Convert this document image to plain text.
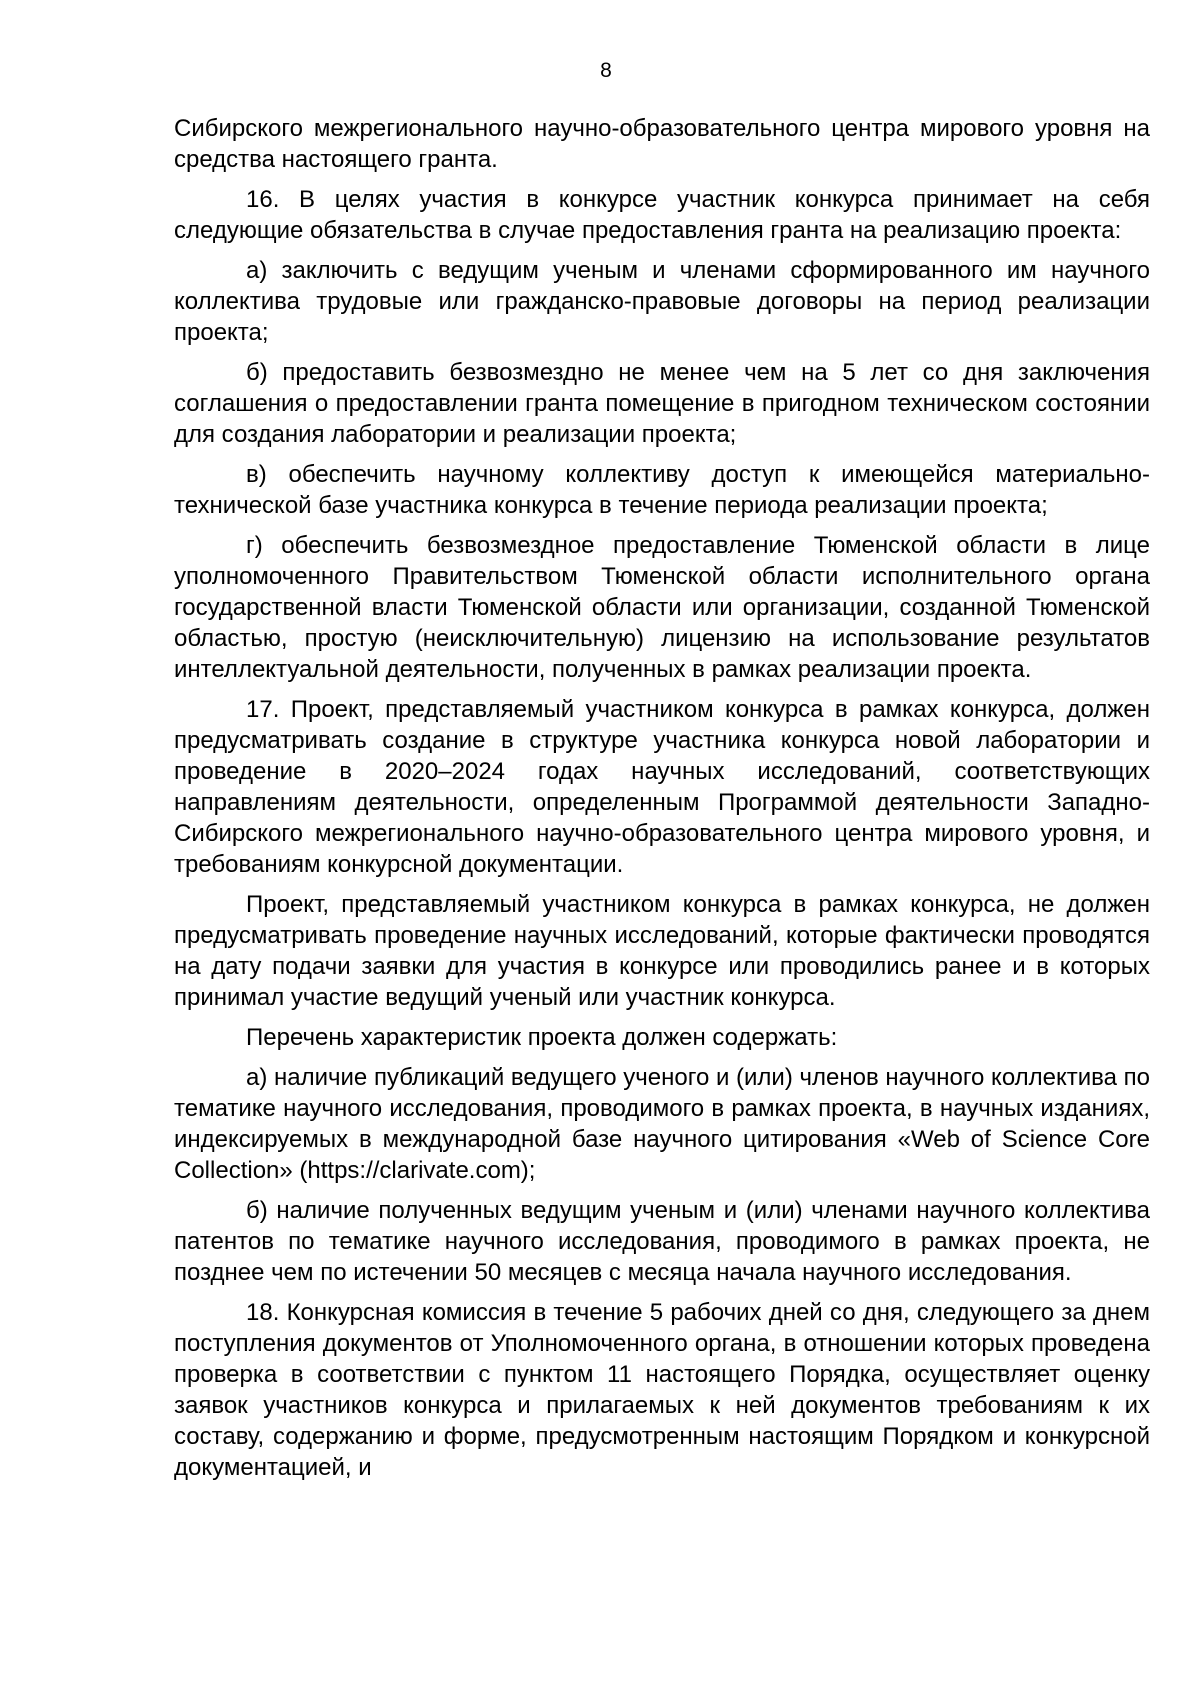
8

Сибирского межрегионального научно-образовательного центра мирового уровня на средства настоящего гранта.

16. В целях участия в конкурсе участник конкурса принимает на себя следующие обязательства в случае предоставления гранта на реализацию проекта:

а) заключить с ведущим ученым и членами сформированного им научного коллектива трудовые или гражданско-правовые договоры на период реализации проекта;

б) предоставить безвозмездно не менее чем на 5 лет со дня заключения соглашения о предоставлении гранта помещение в пригодном техническом состоянии для создания лаборатории и реализации проекта;

в) обеспечить научному коллективу доступ к имеющейся материально-технической базе участника конкурса в течение периода реализации проекта;

г) обеспечить безвозмездное предоставление Тюменской области в лице уполномоченного Правительством Тюменской области исполнительного органа государственной власти Тюменской области или организации, созданной Тюменской областью, простую (неисключительную) лицензию на использование результатов интеллектуальной деятельности, полученных в рамках реализации проекта.

17. Проект, представляемый участником конкурса в рамках конкурса, должен предусматривать создание в структуре участника конкурса новой лаборатории и проведение в 2020–2024 годах научных исследований, соответствующих направлениям деятельности, определенным Программой деятельности Западно-Сибирского межрегионального научно-образовательного центра мирового уровня, и требованиям конкурсной документации.

Проект, представляемый участником конкурса в рамках конкурса, не должен предусматривать проведение научных исследований, которые фактически проводятся на дату подачи заявки для участия в конкурсе или проводились ранее и в которых принимал участие ведущий ученый или участник конкурса.

Перечень характеристик проекта должен содержать:

а) наличие публикаций ведущего ученого и (или) членов научного коллектива по тематике научного исследования, проводимого в рамках проекта, в научных изданиях, индексируемых в международной базе научного цитирования «Web of Science Core Collection» (https://clarivate.com);

б) наличие полученных ведущим ученым и (или) членами научного коллектива патентов по тематике научного исследования, проводимого в рамках проекта, не позднее чем по истечении 50 месяцев с месяца начала научного исследования.

18. Конкурсная комиссия в течение 5 рабочих дней со дня, следующего за днем поступления документов от Уполномоченного органа, в отношении которых проведена проверка в соответствии с пунктом 11 настоящего Порядка, осуществляет оценку заявок участников конкурса и прилагаемых к ней документов требованиям к их составу, содержанию и форме, предусмотренным настоящим Порядком и конкурсной документацией, и
